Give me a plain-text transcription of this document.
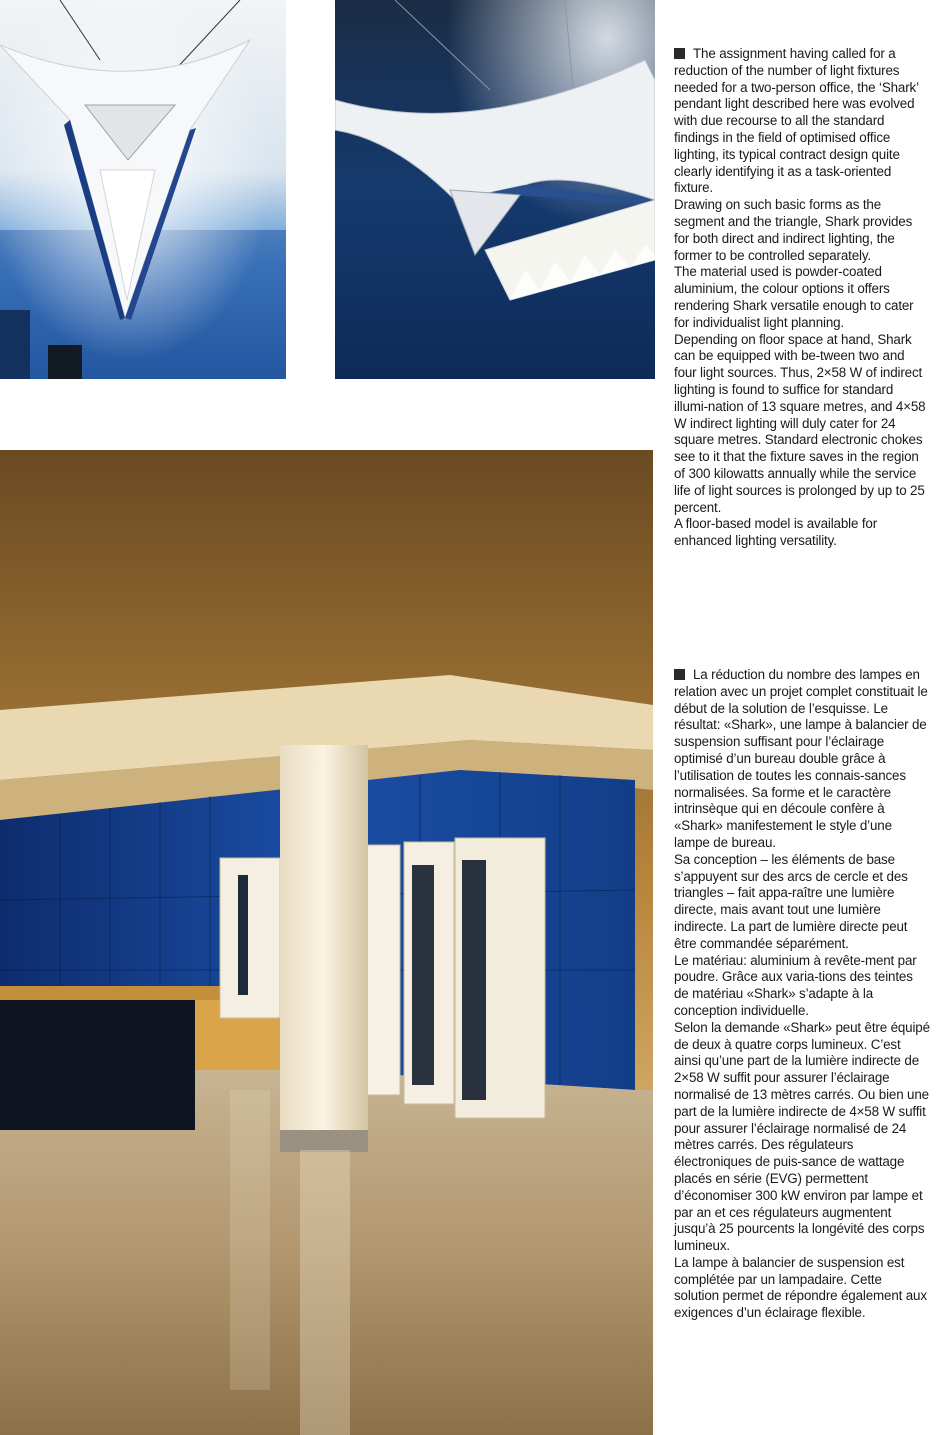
The assignment having called for a reduction of the number of light fixtures needed for a two-person office, the ‘Shark’ pendant light described here was evolved with due recourse to all the standard findings in the field of optimised office lighting, its typical contract design quite clearly identifying it as a task-oriented fixture.

Drawing on such basic forms as the segment and the triangle, Shark provides for both direct and indirect lighting, the former to be controlled separately.

The material used is powder-coated aluminium, the colour options it offers rendering Shark versatile enough to cater for individualist light planning.

Depending on floor space at hand, Shark can be equipped with be-tween two and four light sources. Thus, 2×58 W of indirect lighting is found to suffice for standard illumi-nation of 13 square metres, and 4×58 W indirect lighting will duly cater for 24 square metres. Standard electronic chokes see to it that the fixture saves in the region of 300 kilowatts annually while the service life of light sources is prolonged by up to 25 percent.

A floor-based model is available for enhanced lighting versatility.

La réduction du nombre des lampes en relation avec un projet complet constituait le début de la solution de l’esquisse. Le résultat: «Shark», une lampe à balancier de suspension suffisant pour l’éclairage optimisé d’un bureau double grâce à l’utilisation de toutes les connais-sances normalisées. Sa forme et le caractère intrinsèque qui en découle confère à «Shark» manifestement le style d’une lampe de bureau.

Sa conception – les éléments de base s’appuyent sur des arcs de cercle et des triangles – fait appa-raître une lumière directe, mais avant tout une lumière indirecte. La part de lumière directe peut être commandée séparément.

Le matériau: aluminium à revête-ment par poudre. Grâce aux varia-tions des teintes de matériau «Shark» s’adapte à la conception individuelle.

Selon la demande «Shark» peut être équipé de deux à quatre corps lumineux. C’est ainsi qu’une part de la lumière indirecte de 2×58 W suffit pour assurer l’éclairage normalisé de 13 mètres carrés. Ou bien une part de la lumière indirecte de 4×58 W suffit pour assurer l’éclairage normalisé de 24 mètres carrés. Des régulateurs électroniques de puis-sance de wattage placés en série (EVG) permettent d’économiser 300 kW environ par lampe et par an et ces régulateurs augmentent jusqu’à 25 pourcents la longévité des corps lumineux.

La lampe à balancier de suspension est complétée par un lampadaire. Cette solution permet de répondre également aux exigences d’un éclairage flexible.
